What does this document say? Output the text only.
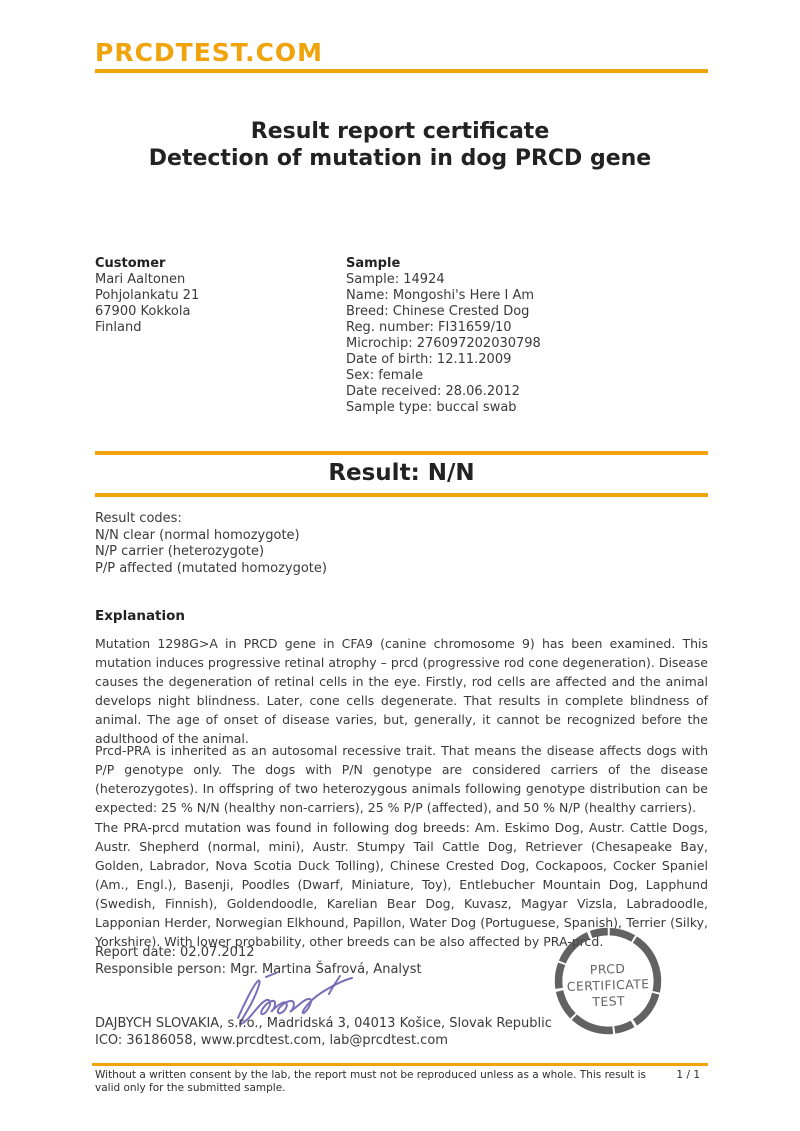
PRCDTEST.COM
Result report certificate
Detection of mutation in dog PRCD gene
Customer
Mari Aaltonen
Pohjolankatu 21
67900 Kokkola
Finland
Sample
Sample: 14924
Name: Mongoshi's Here I Am
Breed: Chinese Crested Dog
Reg. number: FI31659/10
Microchip: 276097202030798
Date of birth: 12.11.2009
Sex: female
Date received: 28.06.2012
Sample type: buccal swab
Result: N/N
Result codes:
N/N clear (normal homozygote)
N/P carrier (heterozygote)
P/P affected (mutated homozygote)
Explanation
Mutation 1298G>A in PRCD gene in CFA9 (canine chromosome 9) has been examined. This mutation induces progressive retinal atrophy – prcd (progressive rod cone degeneration). Disease causes the degeneration of retinal cells in the eye. Firstly, rod cells are affected and the animal develops night blindness. Later, cone cells degenerate. That results in complete blindness of animal. The age of onset of disease varies, but, generally, it cannot be recognized before the adulthood of the animal.
Prcd-PRA is inherited as an autosomal recessive trait. That means the disease affects dogs with P/P genotype only. The dogs with P/N genotype are considered carriers of the disease (heterozygotes). In offspring of two heterozygous animals following genotype distribution can be expected: 25 % N/N (healthy non-carriers), 25 % P/P (affected), and 50 % N/P (healthy carriers).
The PRA-prcd mutation was found in following dog breeds: Am. Eskimo Dog, Austr. Cattle Dogs, Austr. Shepherd (normal, mini), Austr. Stumpy Tail Cattle Dog, Retriever (Chesapeake Bay, Golden, Labrador, Nova Scotia Duck Tolling), Chinese Crested Dog, Cockapoos, Cocker Spaniel (Am., Engl.), Basenji, Poodles (Dwarf, Miniature, Toy), Entlebucher Mountain Dog, Lapphund (Swedish, Finnish), Goldendoodle, Karelian Bear Dog, Kuvasz, Magyar Vizsla, Labradoodle, Lapponian Herder, Norwegian Elkhound, Papillon, Water Dog (Portuguese, Spanish), Terrier (Silky, Yorkshire). With lower probability, other breeds can be also affected by PRA-prcd.
Report date: 02.07.2012
Responsible person: Mgr. Martina Šafrová, Analyst
DAJBYCH SLOVAKIA, s.r.o., Madridská 3, 04013 Košice, Slovak Republic
ICO: 36186058, www.prcdtest.com, lab@prcdtest.com
PRCD
CERTIFICATE
TEST
Without a written consent by the lab, the report must not be reproduced unless as a whole. This result is valid only for the submitted sample.
1 / 1
